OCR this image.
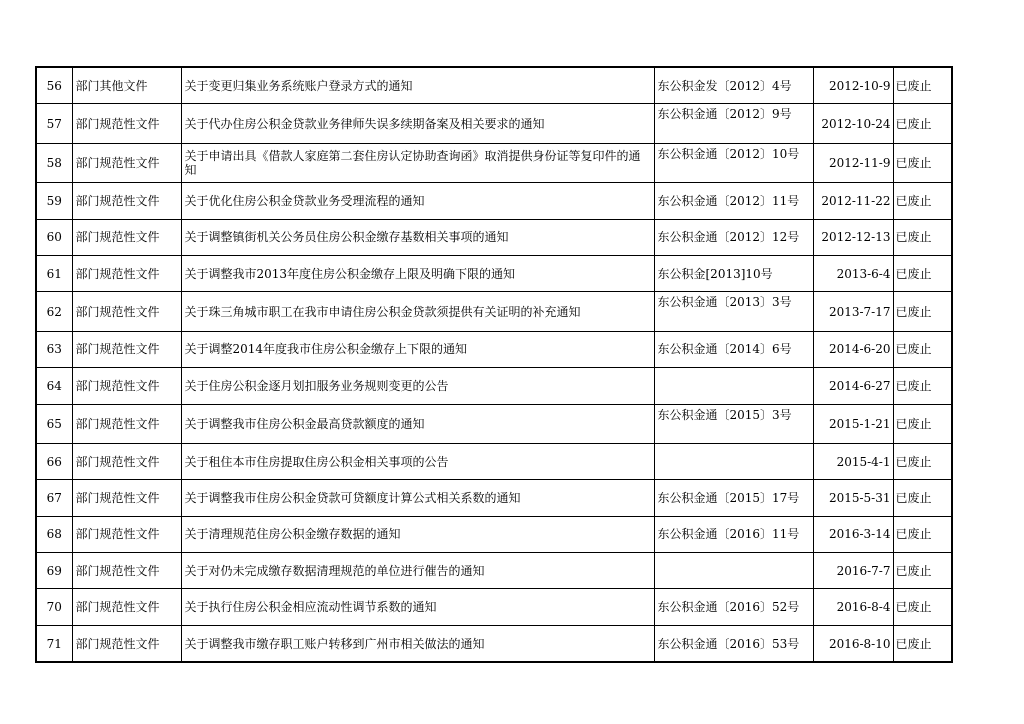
56	部门其他文件	关于变更归集业务系统账户登录方式的通知	东公积金发〔2012〕4号	2012-10-9	已废止
57	部门规范性文件	关于代办住房公积金贷款业务律师失误多续期备案及相关要求的通知	东公积金通〔2012〕9号	2012-10-24	已废止
58	部门规范性文件	关于申请出具《借款人家庭第二套住房认定协助查询函》取消提供身份证等复印件的通知	东公积金通〔2012〕10号	2012-11-9	已废止
59	部门规范性文件	关于优化住房公积金贷款业务受理流程的通知	东公积金通〔2012〕11号	2012-11-22	已废止
60	部门规范性文件	关于调整镇街机关公务员住房公积金缴存基数相关事项的通知	东公积金通〔2012〕12号	2012-12-13	已废止
61	部门规范性文件	关于调整我市2013年度住房公积金缴存上限及明确下限的通知	东公积金[2013]10号	2013-6-4	已废止
62	部门规范性文件	关于珠三角城市职工在我市申请住房公积金贷款须提供有关证明的补充通知	东公积金通〔2013〕3号	2013-7-17	已废止
63	部门规范性文件	关于调整2014年度我市住房公积金缴存上下限的通知	东公积金通〔2014〕6号	2014-6-20	已废止
64	部门规范性文件	关于住房公积金逐月划扣服务业务规则变更的公告		2014-6-27	已废止
65	部门规范性文件	关于调整我市住房公积金最高贷款额度的通知	东公积金通〔2015〕3号	2015-1-21	已废止
66	部门规范性文件	关于租住本市住房提取住房公积金相关事项的公告		2015-4-1	已废止
67	部门规范性文件	关于调整我市住房公积金贷款可贷额度计算公式相关系数的通知	东公积金通〔2015〕17号	2015-5-31	已废止
68	部门规范性文件	关于清理规范住房公积金缴存数据的通知	东公积金通〔2016〕11号	2016-3-14	已废止
69	部门规范性文件	关于对仍未完成缴存数据清理规范的单位进行催告的通知		2016-7-7	已废止
70	部门规范性文件	关于执行住房公积金相应流动性调节系数的通知	东公积金通〔2016〕52号	2016-8-4	已废止
71	部门规范性文件	关于调整我市缴存职工账户转移到广州市相关做法的通知	东公积金通〔2016〕53号	2016-8-10	已废止
